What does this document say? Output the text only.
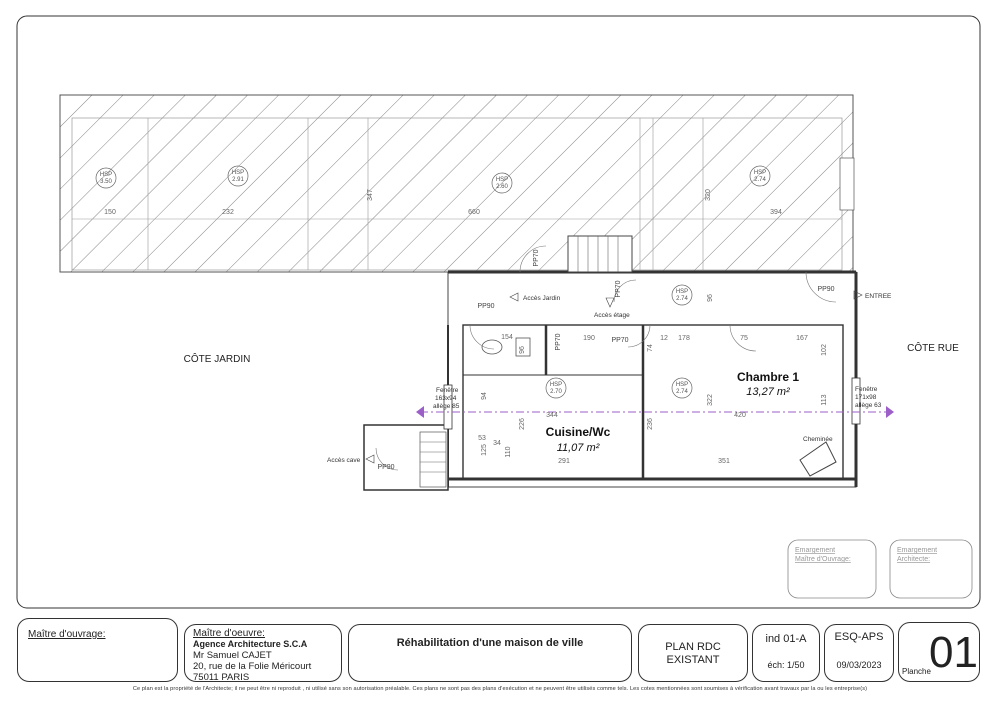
HSP
3.50
HSP
2.91	HSP
2.60
HSP
2.74
HSP
2.74
HSP
2.70
HSP
2.74
150	232
347
660
320
394
154
96
190
74
12 178	75	167
102
96
94
344	420
322	113
226	236
110
125
53
34
291	351
PP90
PP70
PP70
PP70
PP70
PP90
PP90
Chambre 1
13,27 m²
Cuisine/Wc
11,07 m²
CÔTE JARDIN
CÔTE RUE
Accès Jardin
Accès étage
ENTREE
Accès cave
Cheminée
Fenêtre
163x94
allège 85
Fenêtre
171x98
allège 63
Emargement
Maître d'Ouvrage:
Emargement
Architecte:
Maître d'ouvrage:	Maître d'oeuvre:
Agence Architecture S.C.A
Mr Samuel CAJET
20, rue de la Folie Méricourt
75011 PARIS
Réhabilitation d'une maison de ville	PLAN RDC
EXISTANT
ind 01-A
éch: 1/50
ESQ-APS
09/03/2023
Planche
01
Ce plan est la propriété de l'Architecte; il ne peut être ni reproduit , ni utilisé sans son autorisation préalable. Ces plans ne sont pas des plans d'exécution et ne peuvent être utilisés comme tels. Les cotes mentionnées sont soumises à vérification avant travaux par la ou les entreprise(s)
